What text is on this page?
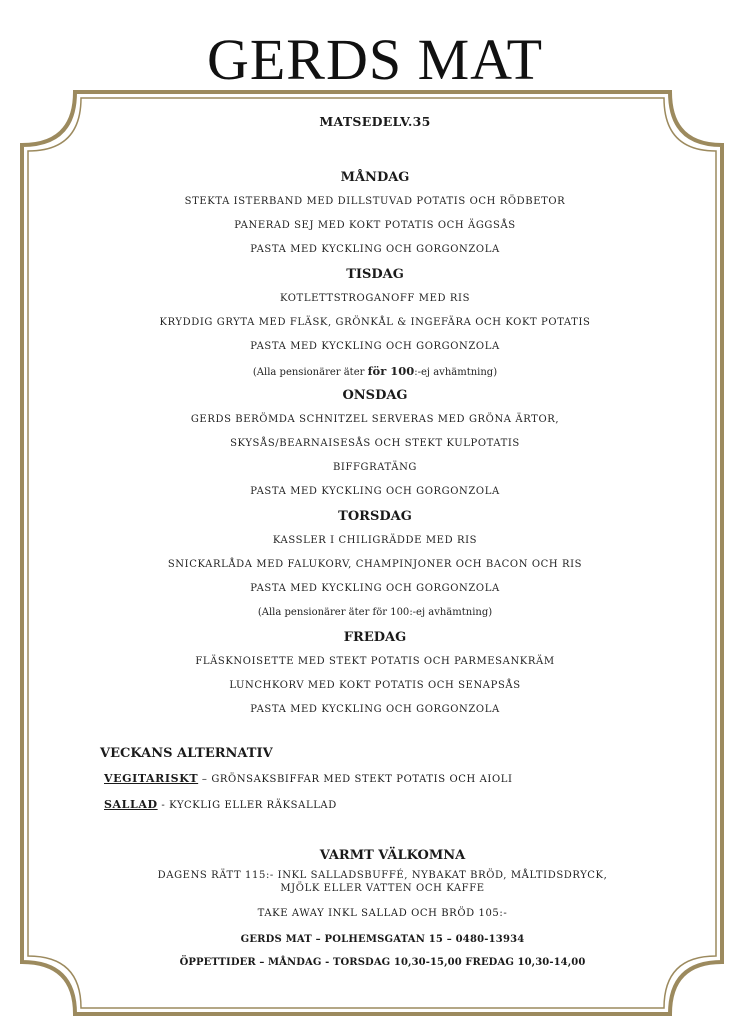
GERDS MAT
MATSEDELV.35
MÅNDAG
STEKTA ISTERBAND MED DILLSTUVAD POTATIS OCH RÖDBETOR
PANERAD SEJ MED KOKT POTATIS OCH ÄGGSÅS
PASTA MED KYCKLING OCH GORGONZOLA
TISDAG
KOTLETTSTROGANOFF MED RIS
KRYDDIG GRYTA MED FLÄSK, GRÖNKÅL & INGEFÄRA OCH KOKT POTATIS
PASTA MED KYCKLING OCH GORGONZOLA
(Alla pensionärer äter för 100:-ej avhämtning)
ONSDAG
GERDS BERÖMDA SCHNITZEL SERVERAS MED GRÖNA ÄRTOR,
SKYSÅS/BEARNAISESÅS OCH STEKT KULPOTATIS
BIFFGRATÄNG
PASTA MED KYCKLING OCH GORGONZOLA
TORSDAG
KASSLER I CHILIGRÄDDE MED RIS
SNICKARLÅDA MED FALUKORV, CHAMPINJONER OCH BACON OCH RIS
PASTA MED KYCKLING OCH GORGONZOLA
(Alla pensionärer äter för 100:-ej avhämtning)
FREDAG
FLÄSKNOISETTE MED STEKT POTATIS OCH PARMESANKRÄM
LUNCHKORV MED KOKT POTATIS OCH SENAPSÅS
PASTA MED KYCKLING OCH GORGONZOLA
VECKANS ALTERNATIV
VEGITARISKT – GRÖNSAKSBIFFAR MED STEKT POTATIS OCH AIOLI
SALLAD - KYCKLIG ELLER RÄKSALLAD
VARMT VÄLKOMNA
DAGENS RÄTT 115:- INKL SALLADSBUFFÉ, NYBAKAT BRÖD, MÅLTIDSDRYCK,
MJÖLK ELLER VATTEN OCH KAFFE
TAKE AWAY INKL SALLAD OCH BRÖD 105:-
GERDS MAT – POLHEMSGATAN 15 – 0480-13934
ÖPPETTIDER – MÅNDAG - TORSDAG 10,30-15,00 FREDAG 10,30-14,00
